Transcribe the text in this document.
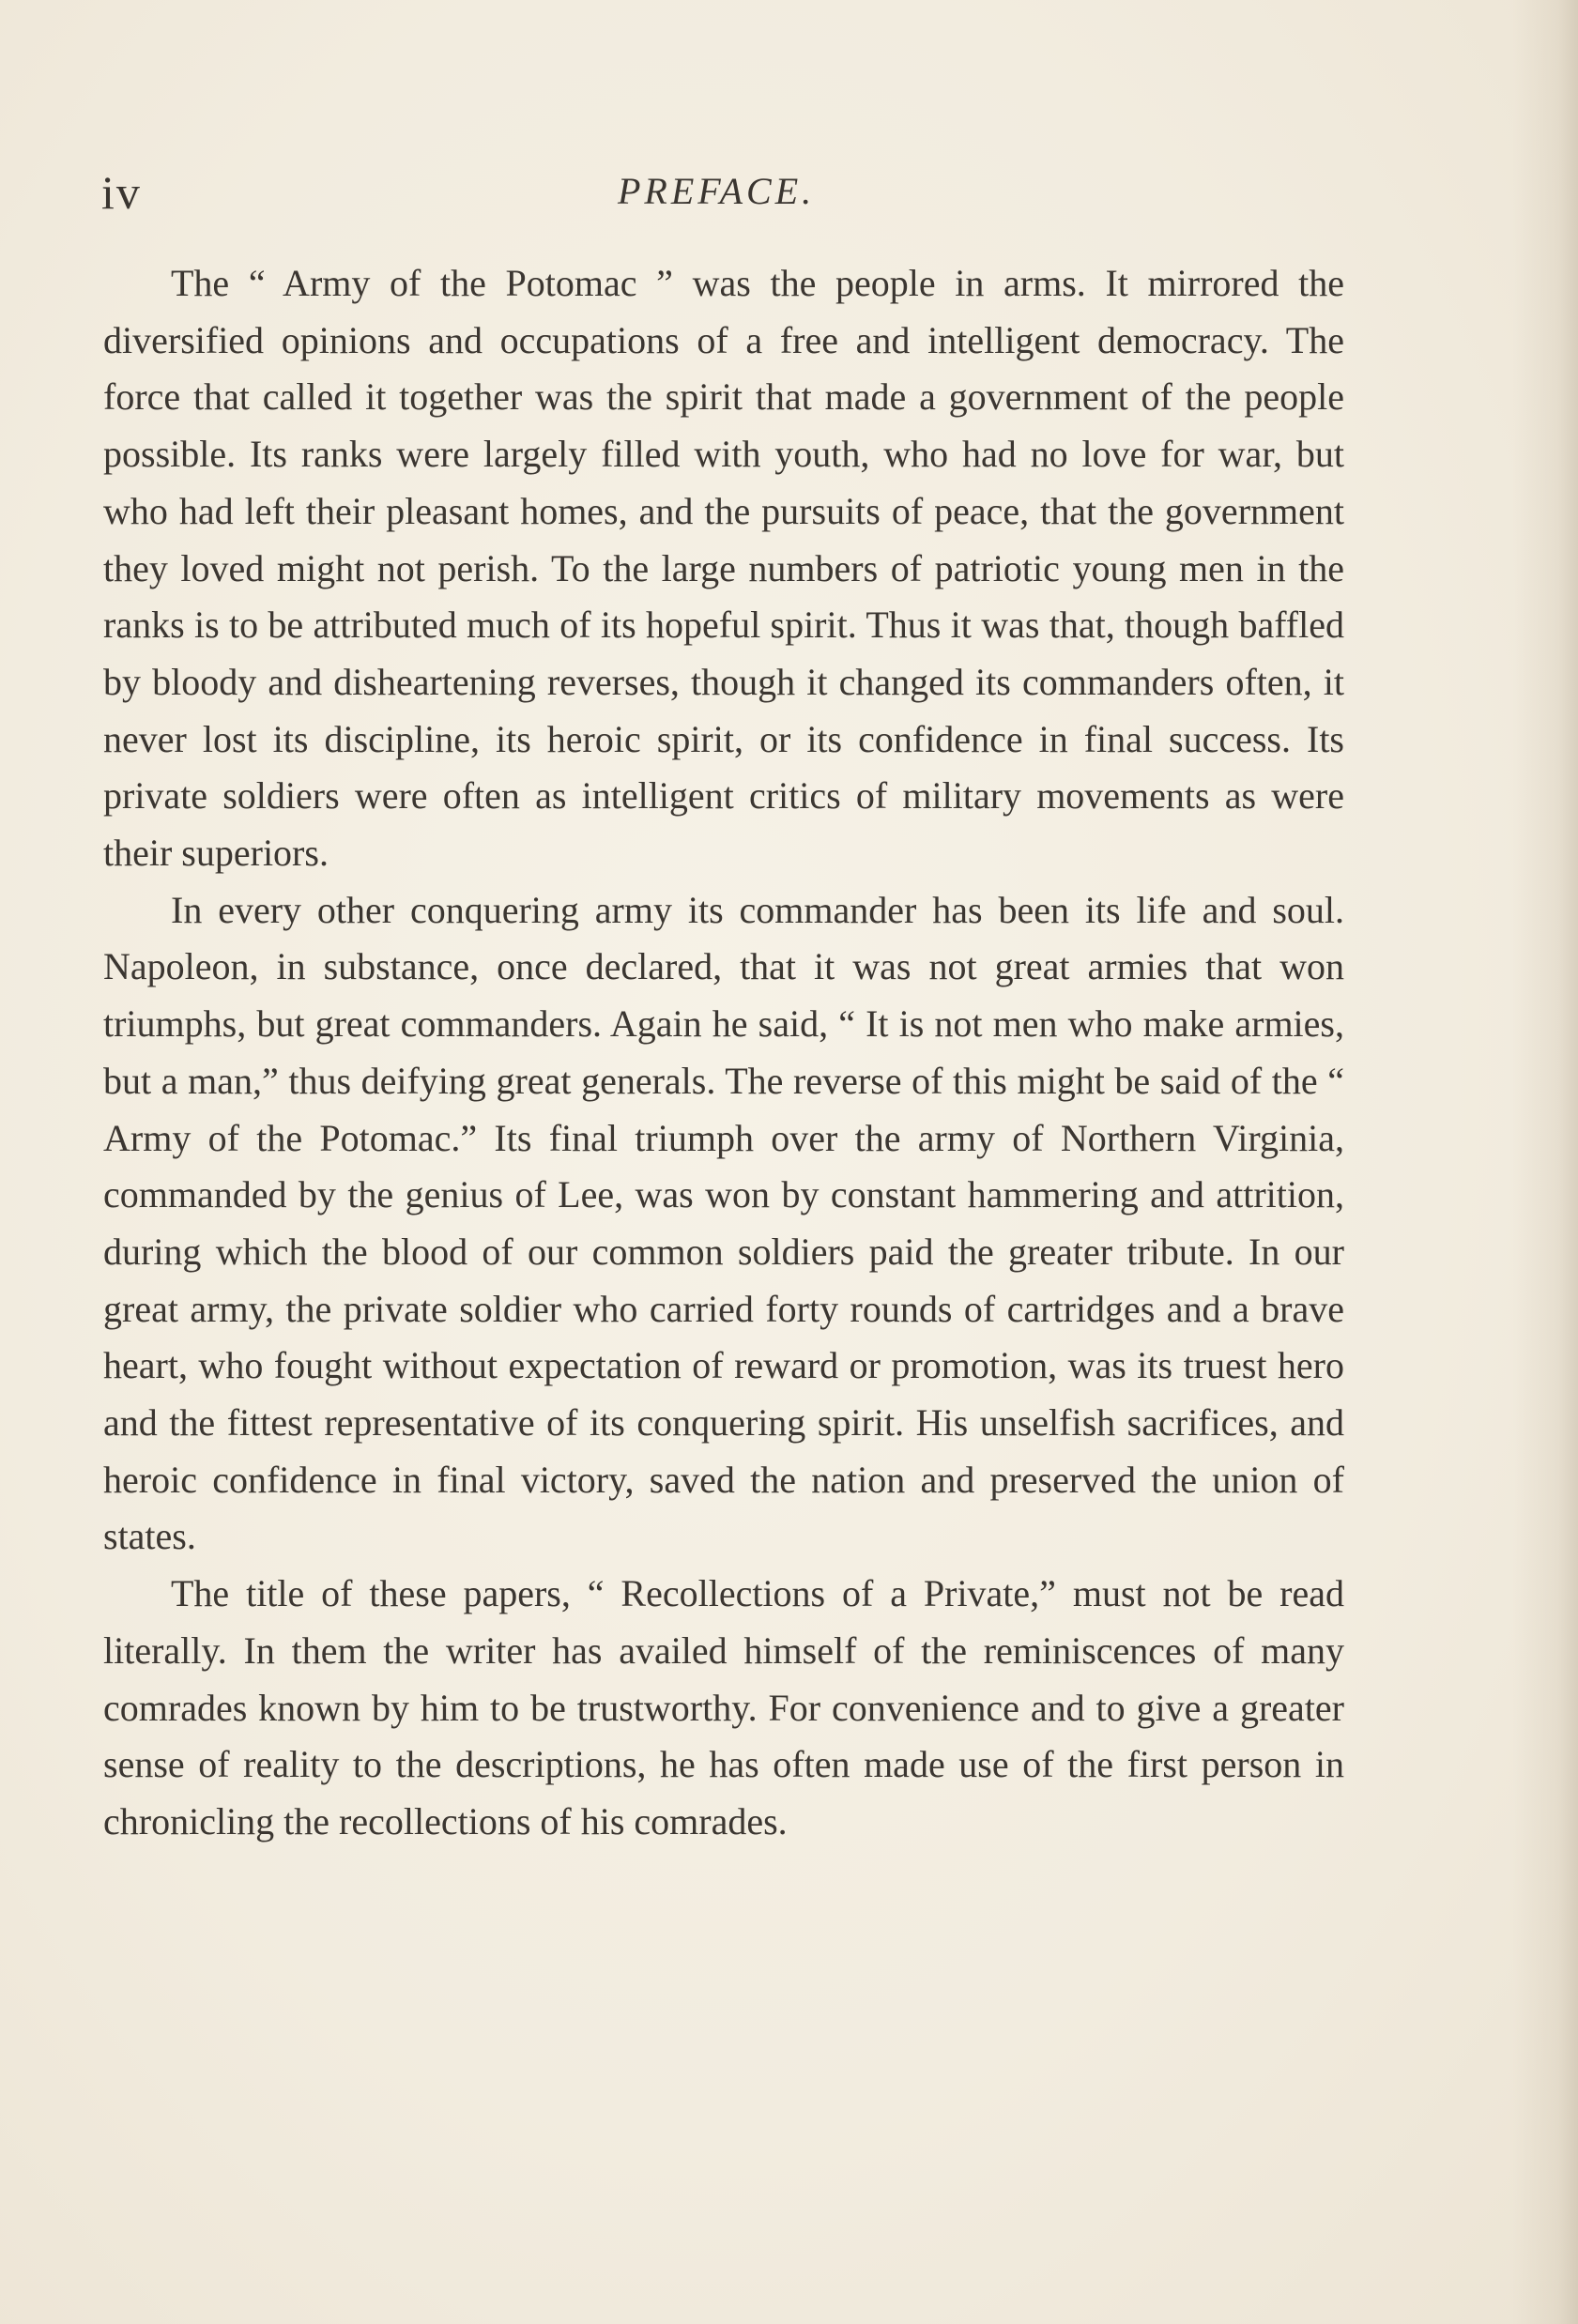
iv	PREFACE.

The “ Army of the Potomac ” was the people in arms. It mirrored the diversified opinions and occupations of a free and intelligent democracy. The force that called it together was the spirit that made a government of the people possible. Its ranks were largely filled with youth, who had no love for war, but who had left their pleasant homes, and the pursuits of peace, that the government they loved might not perish. To the large numbers of patriotic young men in the ranks is to be attributed much of its hopeful spirit. Thus it was that, though baffled by bloody and disheartening reverses, though it changed its commanders often, it never lost its discipline, its heroic spirit, or its confidence in final success. Its private soldiers were often as intelligent critics of military movements as were their superiors.

In every other conquering army its commander has been its life and soul. Napoleon, in substance, once declared, that it was not great armies that won triumphs, but great commanders. Again he said, “ It is not men who make armies, but a man,” thus deifying great generals. The reverse of this might be said of the “ Army of the Potomac.” Its final triumph over the army of Northern Virginia, commanded by the genius of Lee, was won by constant hammering and attrition, during which the blood of our common soldiers paid the greater tribute. In our great army, the private soldier who carried forty rounds of cartridges and a brave heart, who fought without expectation of reward or promotion, was its truest hero and the fittest representative of its conquering spirit. His unselfish sacrifices, and heroic confidence in final victory, saved the nation and preserved the union of states.

The title of these papers, “ Recollections of a Private,” must not be read literally. In them the writer has availed himself of the reminiscences of many comrades known by him to be trustworthy. For convenience and to give a greater sense of reality to the descriptions, he has often made use of the first person in chronicling the recollections of his comrades.
